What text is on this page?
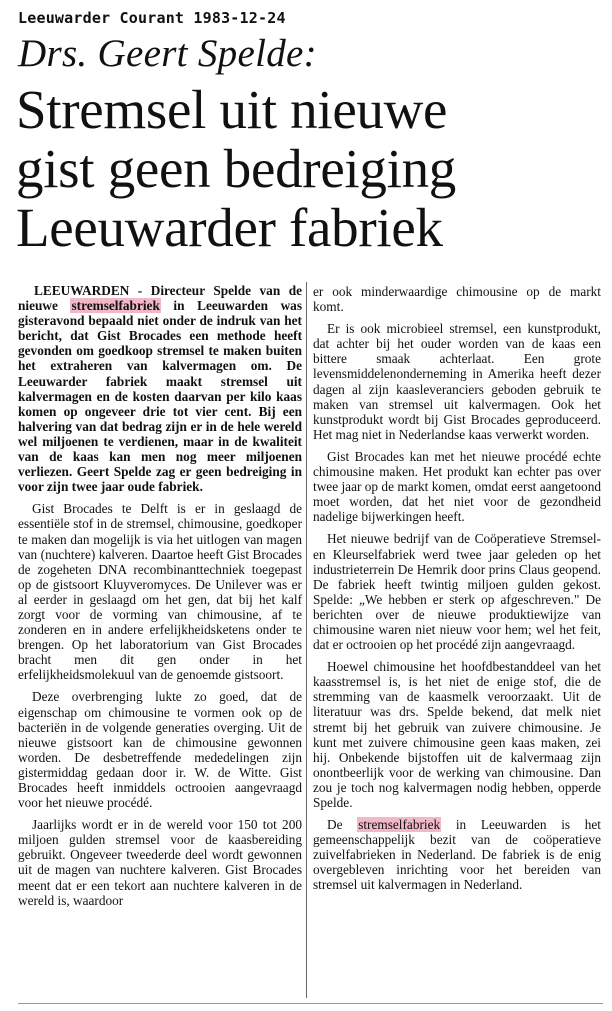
Leeuwarder Courant 1983-12-24
Drs. Geert Spelde:
Stremsel uit nieuwe
gist geen bedreiging
Leeuwarder fabriek

LEEUWARDEN - Directeur Spelde van de nieuwe stremselfabriek in Leeuwarden was gisteravond bepaald niet onder de indruk van het bericht, dat Gist Brocades een methode heeft gevonden om goedkoop stremsel te maken buiten het extraheren van kalvermagen om. De Leeuwarder fabriek maakt stremsel uit kalvermagen en de kosten daarvan per kilo kaas komen op ongeveer drie tot vier cent. Bij een halvering van dat bedrag zijn er in de hele wereld wel miljoenen te verdienen, maar in de kwaliteit van de kaas kan men nog meer miljoenen verliezen. Geert Spelde zag er geen bedreiging in voor zijn twee jaar oude fabriek.

Gist Brocades te Delft is er in geslaagd de essentiële stof in de stremsel, chimousine, goedkoper te maken dan mogelijk is via het uitlogen van magen van (nuchtere) kalveren. Daartoe heeft Gist Brocades de zogeheten DNA recombinanttechniek toegepast op de gistsoort Kluyveromyces. De Unilever was er al eerder in geslaagd om het gen, dat bij het kalf zorgt voor de vorming van chimousine, af te zonderen en in andere erfelijkheidsketens onder te brengen. Op het laboratorium van Gist Brocades bracht men dit gen onder in het erfelijkheidsmolekuul van de genoemde gistsoort.

Deze overbrenging lukte zo goed, dat de eigenschap om chimousine te vormen ook op de bacteriën in de volgende generaties overging. Uit de nieuwe gistsoort kan de chimousine gewonnen worden. De desbetreffende mededelingen zijn gistermiddag gedaan door ir. W. de Witte. Gist Brocades heeft inmiddels octrooien aangevraagd voor het nieuwe procédé.

Jaarlijks wordt er in de wereld voor 150 tot 200 miljoen gulden stremsel voor de kaasbereiding gebruikt. Ongeveer tweederde deel wordt gewonnen uit de magen van nuchtere kalveren. Gist Brocades meent dat er een tekort aan nuchtere kalveren in de wereld is, waardoor

er ook minderwaardige chimousine op de markt komt.

Er is ook microbieel stremsel, een kunstprodukt, dat achter bij het ouder worden van de kaas een bittere smaak achterlaat. Een grote levensmiddelenonderneming in Amerika heeft dezer dagen al zijn kaasleveranciers geboden gebruik te maken van stremsel uit kalvermagen. Ook het kunstprodukt wordt bij Gist Brocades geproduceerd. Het mag niet in Nederlandse kaas verwerkt worden.

Gist Brocades kan met het nieuwe procédé echte chimousine maken. Het produkt kan echter pas over twee jaar op de markt komen, omdat eerst aangetoond moet worden, dat het niet voor de gezondheid nadelige bijwerkingen heeft.

Het nieuwe bedrijf van de Coöperatieve Stremsel- en Kleurselfabriek werd twee jaar geleden op het industrieterrein De Hemrik door prins Claus geopend. De fabriek heeft twintig miljoen gulden gekost. Spelde: „We hebben er sterk op afgeschreven." De berichten over de nieuwe produktiewijze van chimousine waren niet nieuw voor hem; wel het feit, dat er octrooien op het procédé zijn aangevraagd.

Hoewel chimousine het hoofdbestanddeel van het kaasstremsel is, is het niet de enige stof, die de stremming van de kaasmelk veroorzaakt. Uit de literatuur was drs. Spelde bekend, dat melk niet stremt bij het gebruik van zuivere chimousine. Je kunt met zuivere chimousine geen kaas maken, zei hij. Onbekende bijstoffen uit de kalvermaag zijn onontbeerlijk voor de werking van chimousine. Dan zou je toch nog kalvermagen nodig hebben, opperde Spelde.

De stremselfabriek in Leeuwarden is het gemeenschappelijk bezit van de coöperatieve zuivelfabrieken in Nederland. De fabriek is de enig overgebleven inrichting voor het bereiden van stremsel uit kalvermagen in Nederland.
